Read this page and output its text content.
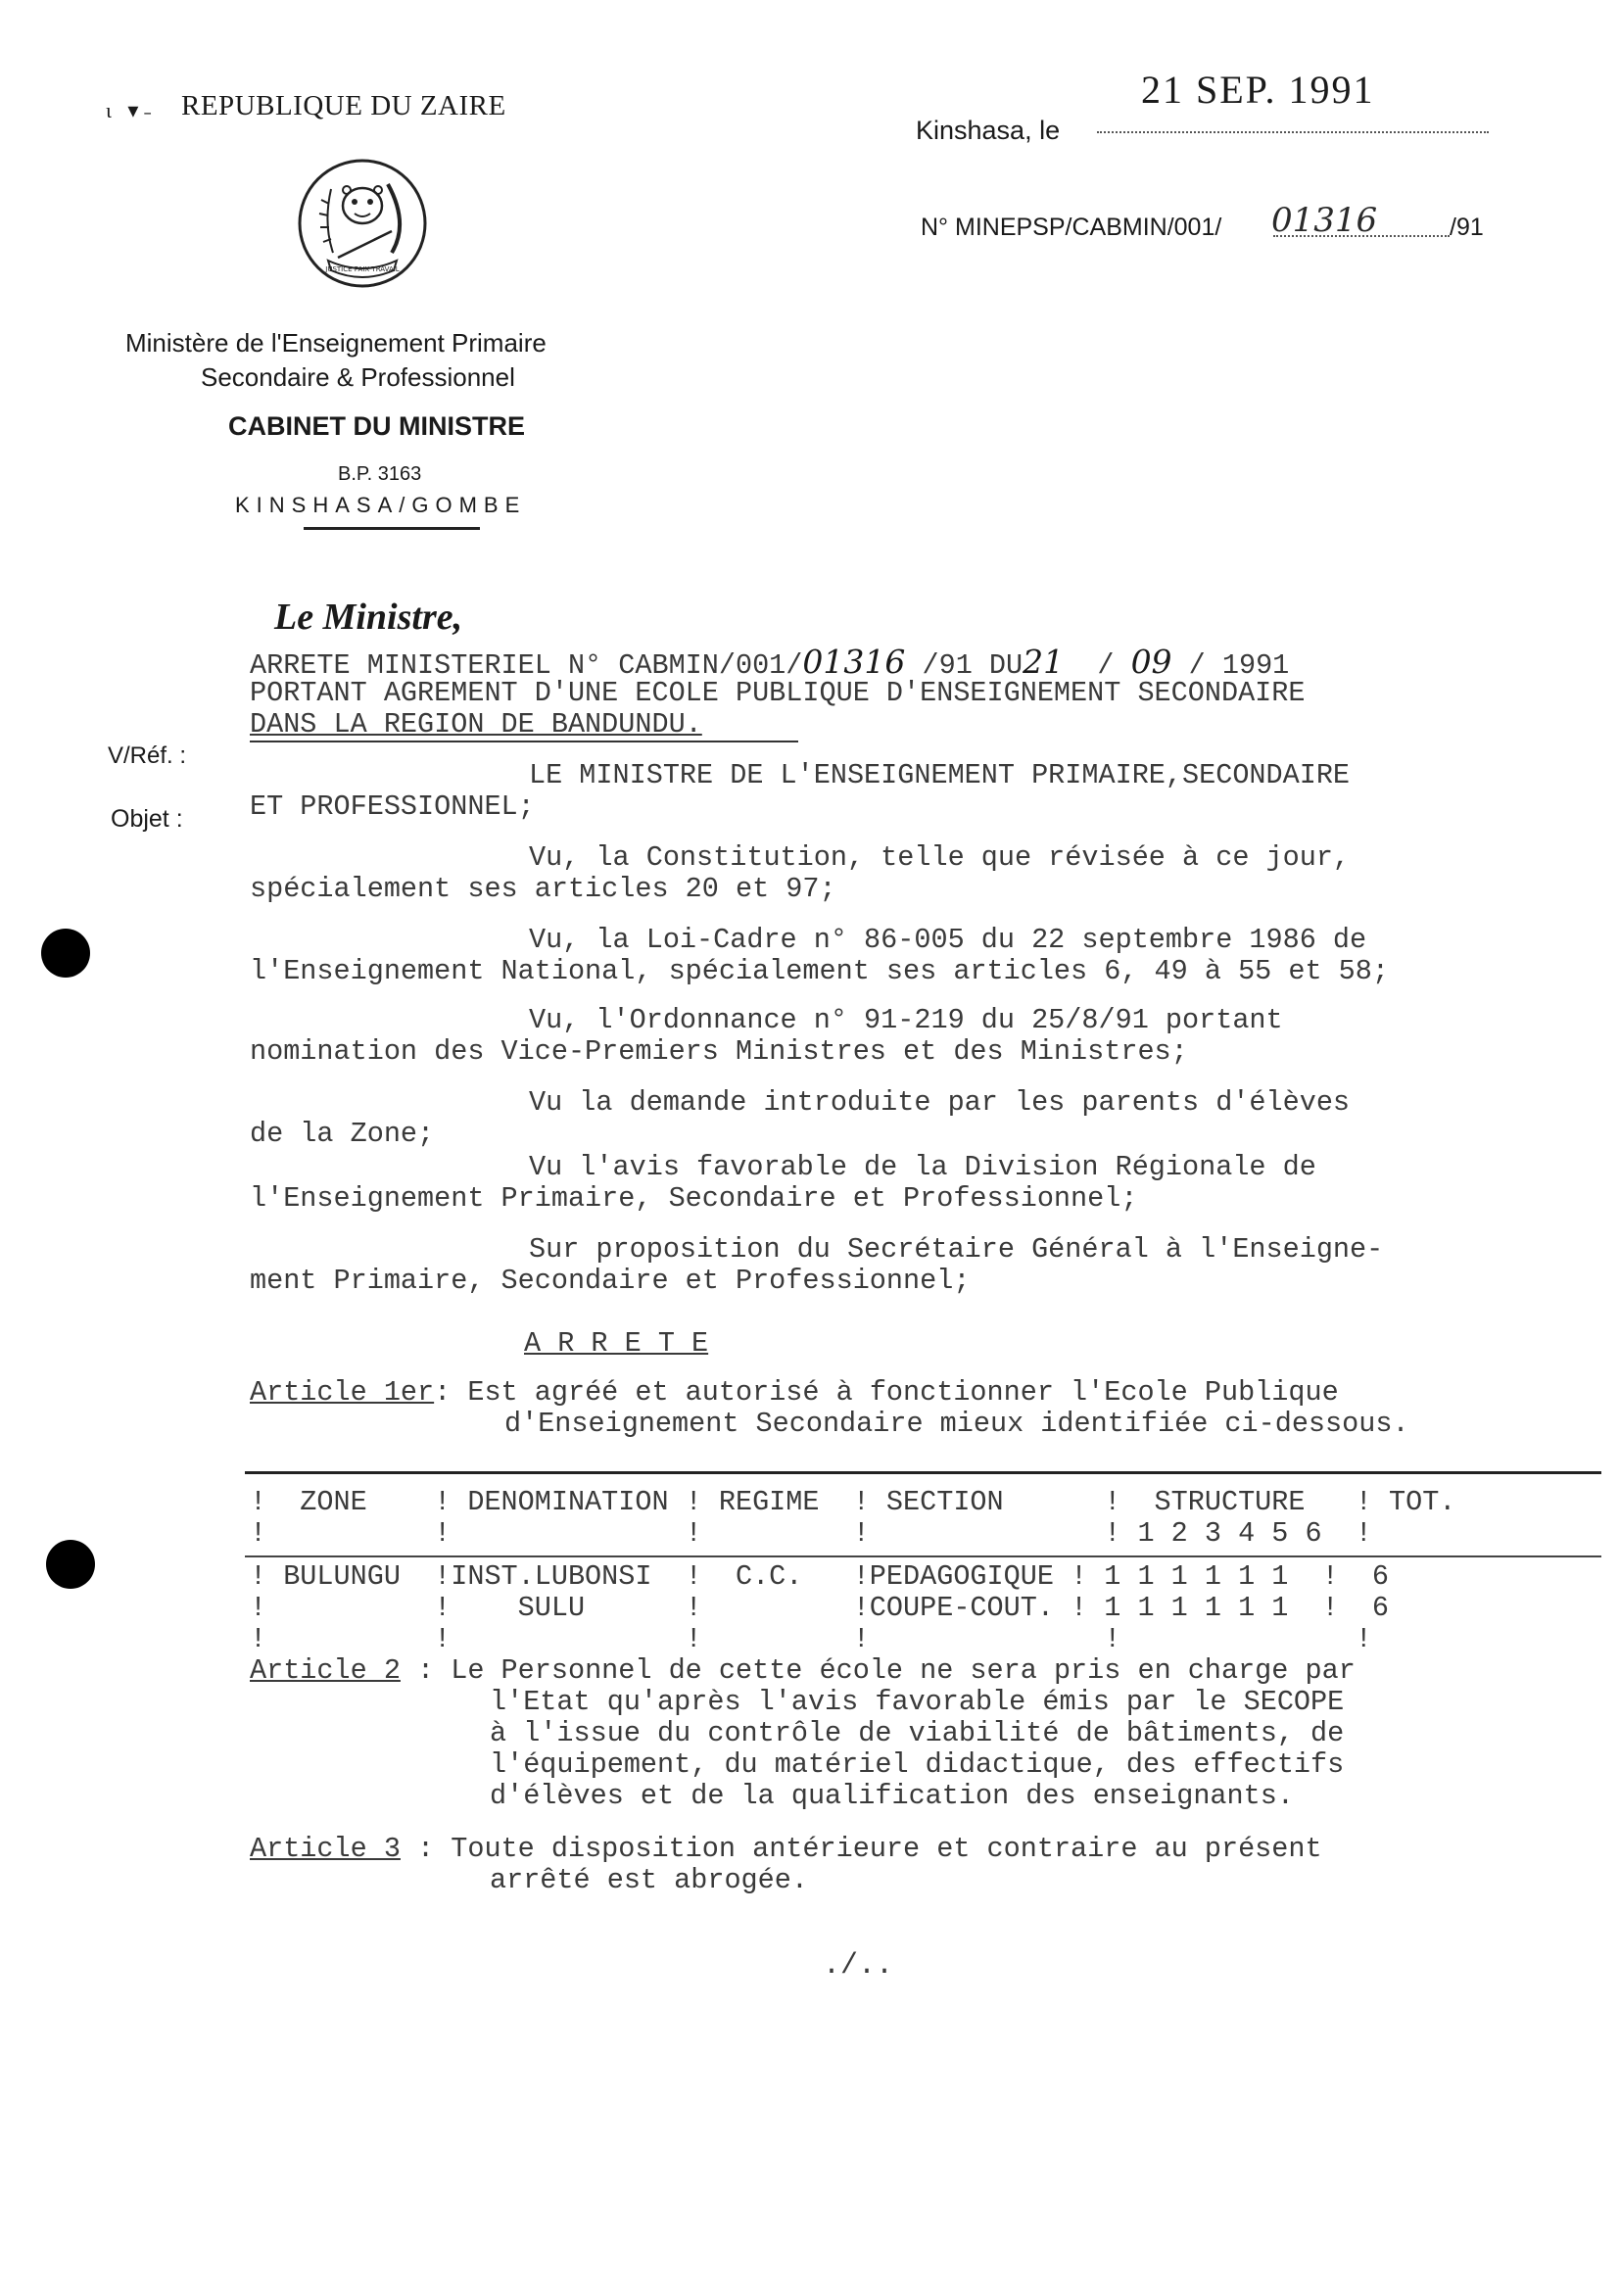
ɩ   ▾ ˗ REPUBLIQUE DU ZAIRE
JUSTICE PAIX TRAVAIL
Ministère de l'Enseignement Primaire
Secondaire & Professionnel
CABINET DU MINISTRE
B.P. 3163
KINSHASA/GOMBE
21 SEP. 1991
Kinshasa, le
N° MINEPSP/CABMIN/001/ 01316	/91
V/Réf. :
Objet :
Le Ministre,
ARRETE MINISTERIEL N° CABMIN/001/01316 /91 DU21 / 09 / 1991
PORTANT AGREMENT D'UNE ECOLE PUBLIQUE D'ENSEIGNEMENT SECONDAIRE
DANS LA REGION DE BANDUNDU.
LE MINISTRE DE L'ENSEIGNEMENT PRIMAIRE,SECONDAIRE
ET PROFESSIONNEL;
Vu, la Constitution, telle que révisée à ce jour,
spécialement ses articles 20 et 97;
Vu, la Loi-Cadre n° 86-005 du 22 septembre 1986 de
l'Enseignement National, spécialement ses articles 6, 49 à 55 et 58;
Vu, l'Ordonnance n° 91-219 du 25/8/91 portant
nomination des Vice-Premiers Ministres et des Ministres;
Vu la demande introduite par les parents d'élèves
de la Zone;
Vu l'avis favorable de la Division Régionale de
l'Enseignement Primaire, Secondaire et Professionnel;
Sur proposition du Secrétaire Général à l'Enseigne-
ment Primaire, Secondaire et Professionnel;
A R R E T E
Article 1er: Est agréé et autorisé à fonctionner l'Ecole Publique
d'Enseignement Secondaire mieux identifiée ci-dessous.
!  ZONE    ! DENOMINATION ! REGIME  ! SECTION      !  STRUCTURE   ! TOT.
!          !              !         !              ! 1 2 3 4 5 6  !
! BULUNGU  !INST.LUBONSI  !  C.C.   !PEDAGOGIQUE ! 1 1 1 1 1 1  !  6
!          !    SULU      !         !COUPE-COUT. ! 1 1 1 1 1 1  !  6
!          !              !         !              !              !
Article 2 : Le Personnel de cette école ne sera pris en charge par
l'Etat qu'après l'avis favorable émis par le SECOPE
à l'issue du contrôle de viabilité de bâtiments, de
l'équipement, du matériel didactique, des effectifs
d'élèves et de la qualification des enseignants.
Article 3 : Toute disposition antérieure et contraire au présent
arrêté est abrogée.
./..
